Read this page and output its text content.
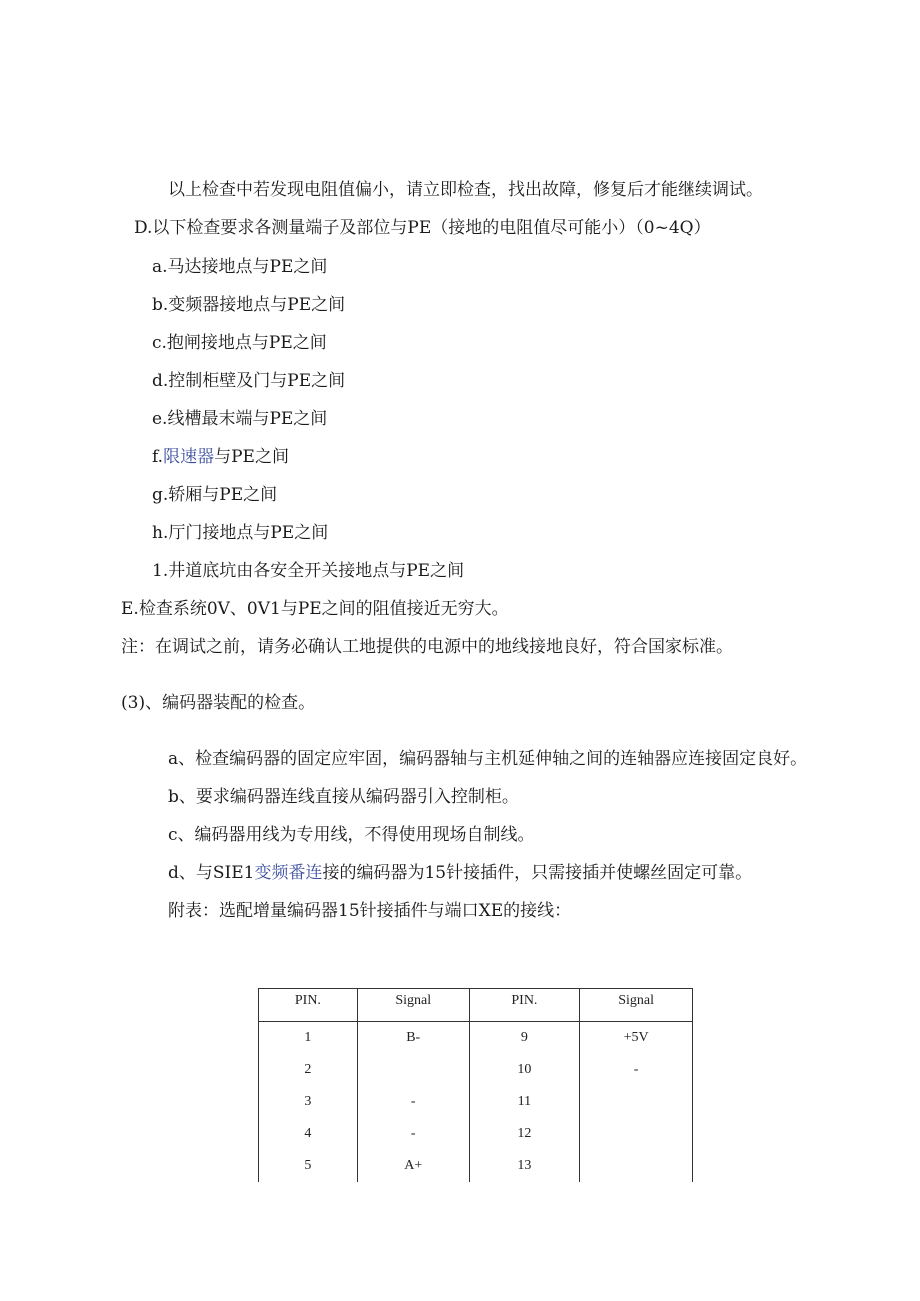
以上检查中若发现电阻值偏小，请立即检查，找出故障，修复后才能继续调试。
D.以下检查要求各测量端子及部位与PE（接地的电阻值尽可能小）（0~4Q）
a.马达接地点与PE之间
b.变频器接地点与PE之间
c.抱闸接地点与PE之间
d.控制柜壁及门与PE之间
e.线槽最末端与PE之间
f.限速器与PE之间
g.轿厢与PE之间
h.厅门接地点与PE之间
1.井道底坑由各安全开关接地点与PE之间
E.检查系统0V、0V1与PE之间的阻值接近无穷大。
注：在调试之前，请务必确认工地提供的电源中的地线接地良好，符合国家标准。
(3)、编码器装配的检查。
a、检查编码器的固定应牢固，编码器轴与主机延伸轴之间的连轴器应连接固定良好。
b、要求编码器连线直接从编码器引入控制柜。
c、编码器用线为专用线，不得使用现场自制线。
d、与SIE1变频番连接的编码器为15针接插件，只需接插并使螺丝固定可靠。
附表：选配增量编码器15针接插件与端口XE的接线：
PIN.	Signal	PIN.	Signal
1	B-	9	+5V
2		10	-
3	-	11	
4	-	12	
5	A+	13	
